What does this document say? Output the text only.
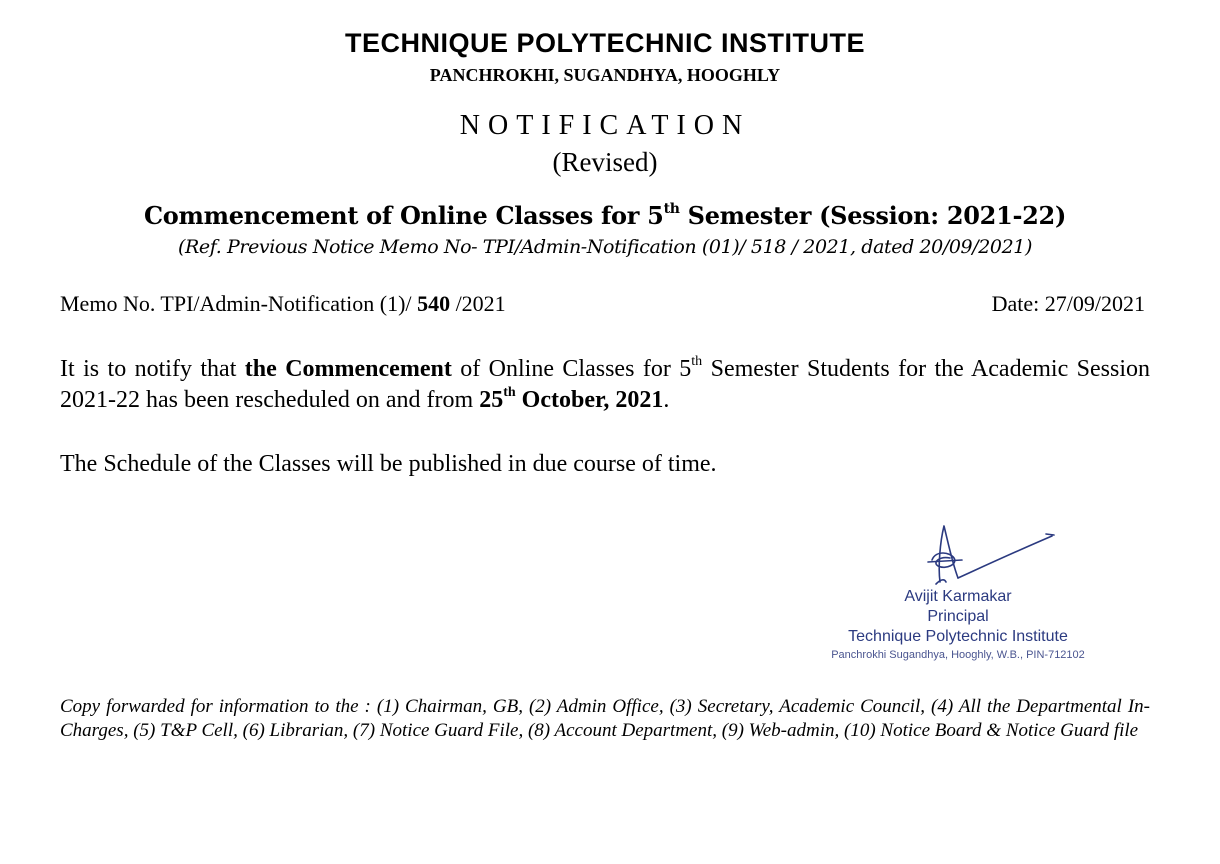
TECHNIQUE POLYTECHNIC INSTITUTE
PANCHROKHI, SUGANDHYA, HOOGHLY
NOTIFICATION
(Revised)
Commencement of Online Classes for 5th Semester (Session: 2021-22)
(Ref. Previous Notice Memo No- TPI/Admin-Notification (01)/ 518 / 2021, dated 20/09/2021)
Memo No. TPI/Admin-Notification (1)/ 540 /2021	Date: 27/09/2021
It is to notify that the Commencement of Online Classes for 5th Semester Students for the Academic Session 2021-22 has been rescheduled on and from 25th October, 2021.
The Schedule of the Classes will be published in due course of time.
Avijit Karmakar
Principal
Technique Polytechnic Institute
Panchrokhi Sugandhya, Hooghly, W.B., PIN-712102
Copy forwarded for information to the : (1) Chairman, GB, (2) Admin Office, (3) Secretary, Academic Council, (4) All the Departmental In-Charges, (5) T&P Cell, (6) Librarian, (7) Notice Guard File, (8) Account Department, (9) Web-admin, (10) Notice Board & Notice Guard file
